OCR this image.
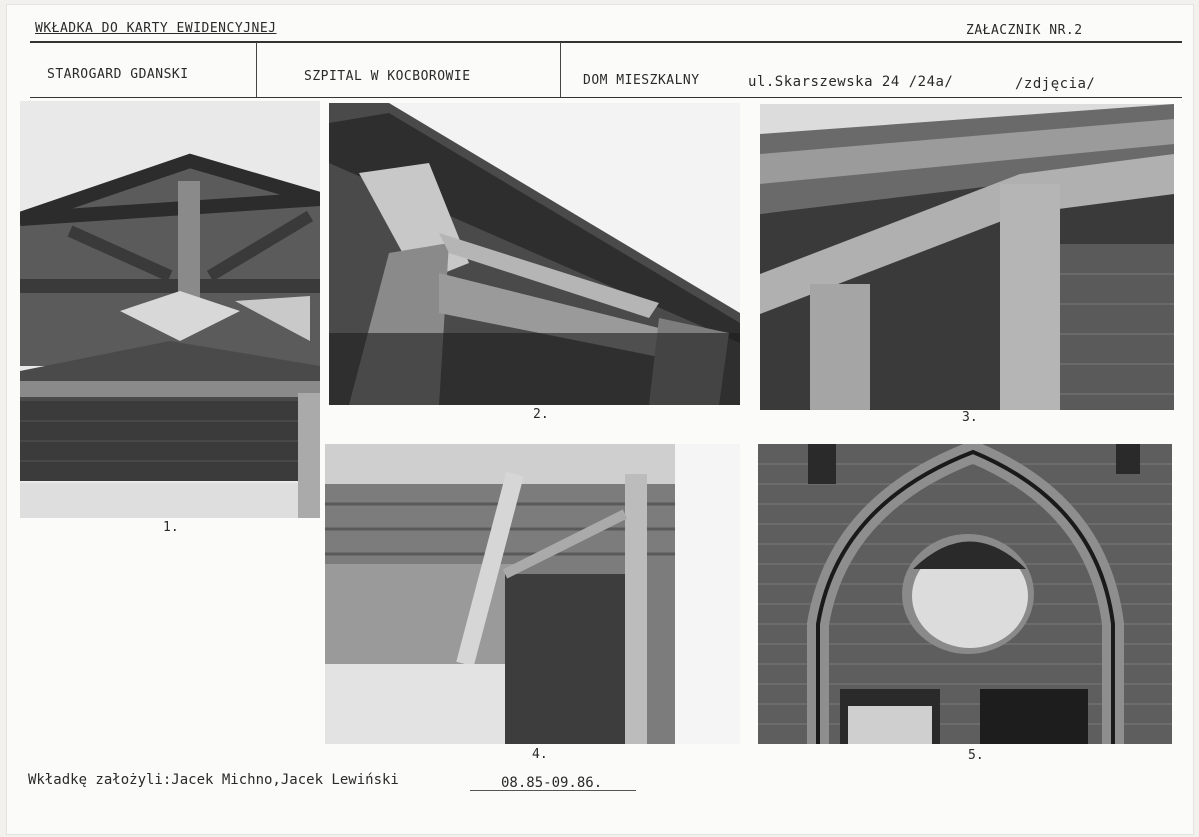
WKŁADKA DO KARTY EWIDENCYJNEJ	ZAŁACZNIK NR.2
STAROGARD GDANSKI	SZPITAL W KOCBOROWIE	DOM MIESZKALNY	ul.Skarszewska 24 /24a/	/zdjęcia/
1.
2.	3.
4.	5.
Wkładkę założyli:Jacek Michno,Jacek Lewiński	08.85-09.86.
